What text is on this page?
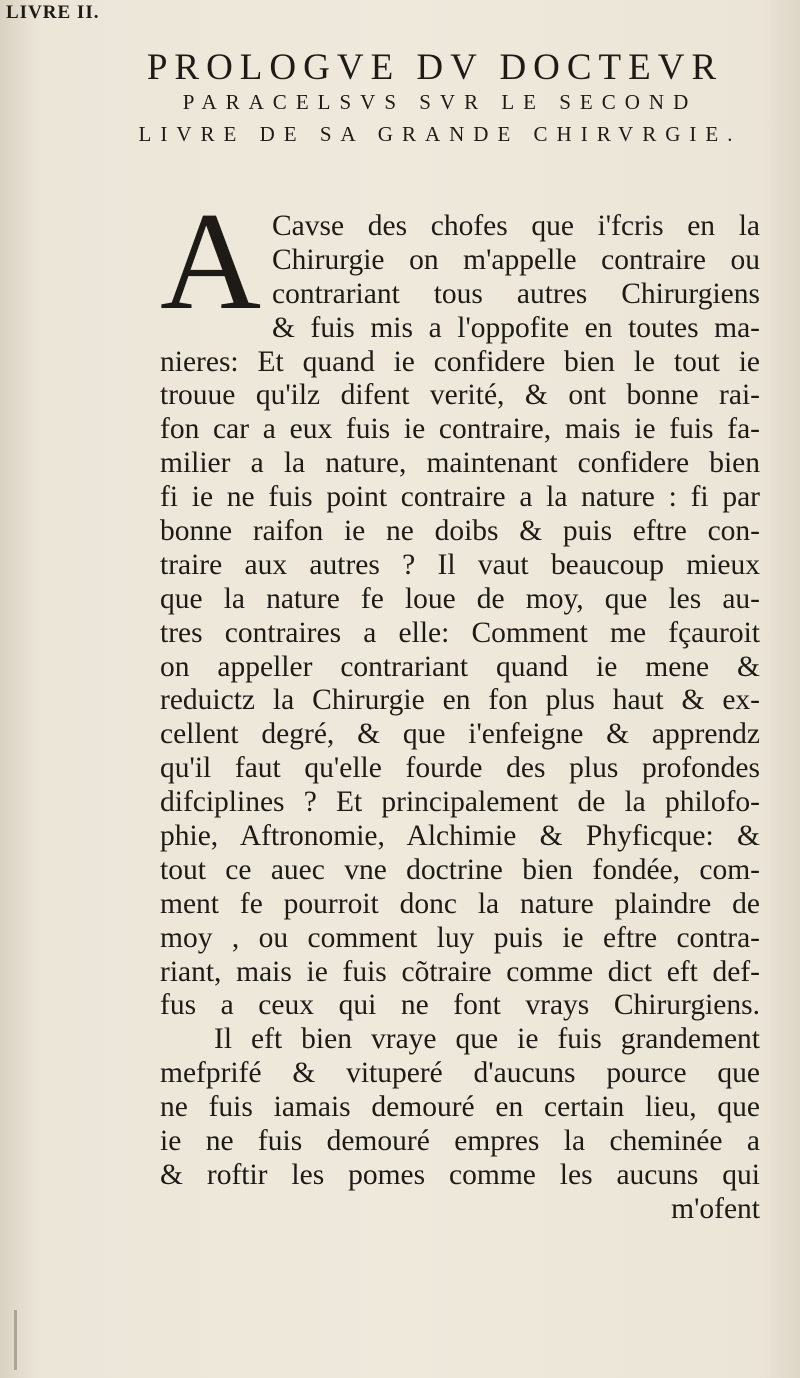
LIVRE II.
PROLOGVE DV DOCTEVR
PARACELSVS SVR LE SECOND
LIVRE DE SA GRANDE CHIRVRGIE.
A Cavse des chofes que i'fcris en la
Chirurgie on m'appelle contraire ou
contrariant tous autres Chirurgiens
& fuis mis a l'oppofite en toutes ma-
nieres: Et quand ie confidere bien le tout ie
trouue qu'ilz difent verité, & ont bonne rai-
fon car a eux fuis ie contraire, mais ie fuis fa-
milier a la nature, maintenant confidere bien
fi ie ne fuis point contraire a la nature : fi par
bonne raifon ie ne doibs & puis eftre con-
traire aux autres ? Il vaut beaucoup mieux
que la nature fe loue de moy, que les au-
tres contraires a elle: Comment me fçauroit
on appeller contrariant quand ie mene &
reduictz la Chirurgie en fon plus haut & ex-
cellent degré, & que i'enfeigne & apprendz
qu'il faut qu'elle fourde des plus profondes
difciplines ? Et principalement de la philofo-
phie, Aftronomie, Alchimie & Phyficque: &
tout ce auec vne doctrine bien fondée, com-
ment fe pourroit donc la nature plaindre de
moy , ou comment luy puis ie eftre contra-
riant, mais ie fuis cõtraire comme dict eft def-
fus a ceux qui ne font vrays Chirurgiens.
Il eft bien vraye que ie fuis grandement
mefprifé & vituperé d'aucuns pource que
ne fuis iamais demouré en certain lieu, que
ie ne fuis demouré empres la cheminée a
& roftir les pomes comme les aucuns qui
m'ofent
